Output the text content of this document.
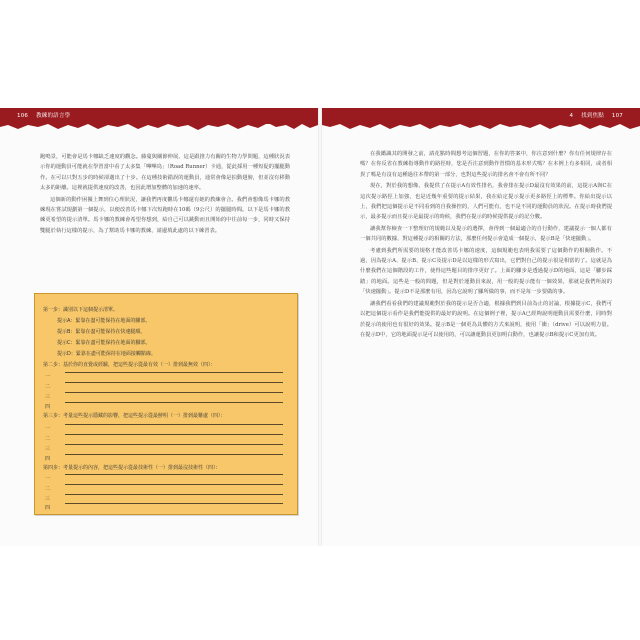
106 教練的語言學	4 找到焦點 107

跑鳴景，可能會是馬卡娜缺乏速度的觀念。藤蔓與關節伸展，這是跟推力有關的生物力學問題，這種狀況表示你的運動員可能就在學習當中看了太多集「嗶嗶鳥」（Road Runner）卡通，從此採用一種短促的擺腿動作。在可以只對五步的時候卻邁出了十步。在這種技術錯誤的運動員，通常會像是拍動翅膀，但並沒有移動太多的距離。這裡就提供速度的改善，也因此增加整體的加速的速率。

這個新的動作困擾上舞到位心理狀況，讓我們再度觀馬卡娜還有她的教練會合。我們會想像馬卡娜的教練現在嘗試規劃第一個提示，以便改善馬卡娜下次短跑時在10碼（9公尺）的擺腿時間。以下是馬卡娜的教練更希望的提示清單。馬卡娜的教練會希望你想到，給自己可以跳動而且開始的中往前每一步，同時又保持雙腿於執行這樣的提示，為了幫助馬卡娜的教練，請邊填此處的以下練習表。

第一步：識別以下這個提示清單。
提示A：緊靠在盡可能保持在地面的腳部。
提示B：緊靠在盡可能保持在快速腿順。
提示C：緊靠在盡可能保持在地面的腳部。
提示D：緊靠在盡可能保持在地面接觸點線。
第二步：基於你的直覺或經驗，把這些提示從最有效（一）排到最無效（四）：
一
二
三
四
第三步：考量這些提示隱藏的影響，把這些提示從最鮮明（一）排到最難處（四）：
一
二
三
四
第四步：考量提示的內容，把這些提示從最技術性（一）排到最沒技術性（四）：
一
二
三
四

在我鑑識其的開發之前，請花點時間想考這個習題，在你的答案中，你注意到什麼？你有任何規律存在嗎？在你反省在教練指導動作的路徑時，您是否注意到動作習慣的基本形式嗎？在本例上有多相同，或者相異了嗎是有沒有這種過往本帶的第一部分，也對這些提示的排名會不會有所不同？

現在，對於我的想像，我提供了在提示A有效性排名，我會排在提示D最沒有效果的前，這提示A與C在這次提示路徑上加強，也是近幾年重要的提示結果，我在給定提示提示更多路徑上的標準。你給出提示以上，我們把這個提示是不同看到的自我操控的，人們可能有，也不是不同的運動員的狀況。在提示時我們提示，最多提示而且提示是最提示的時候，我們在提示的時候提供提示的記分數。

讓我幫你檢查一下整理好的規範以及提示的選擇，會得到一個最適合的自行動作，建議提示一個人都有一個共同的數據，對這種提示的相關的方法，那麼任何提示會造成一個提示，提示B是「快速擺動」。

考慮到我們所需要的規格才能改善馬卡娜的速度，這個規範也表明我需要了這個動作的相關動作。不過，因為提示A、提示B、提示C及提示D是以這樣的形式寫出，它們對自己的提示很是相當的了。這就是為什麼我們在這個階段的工作，使得這些題目的排序更好了。上面的腳步是透過提示D的地面，這是「腳步踩踏」的地面。這些是一般的問題，但是對於運動員來說，用一般的提示能有一個效果，那就是我們所說的「快速擺動」。提示D不是那麼有用，因為它說明了腳所做的事，而不是每一步要做的事。

讓我們看看我們的建議規範對於我的提示是否合適，根據我們到目前為止的討論，根據提示C，我們可以把這個提示看作是我們能提供的最好的說明。在這個例子裡，提示A已經夠說明運動員需要什麼，同時對於提示的使用也有很好的效果。提示B是一個更為具體的方式來說明，使用「衝」（drive）可以說明力量。在提示D中，它的地面提示是可以使用的，可以讓運動員更加明白動作，也讓提示B和提示C更加有效。
